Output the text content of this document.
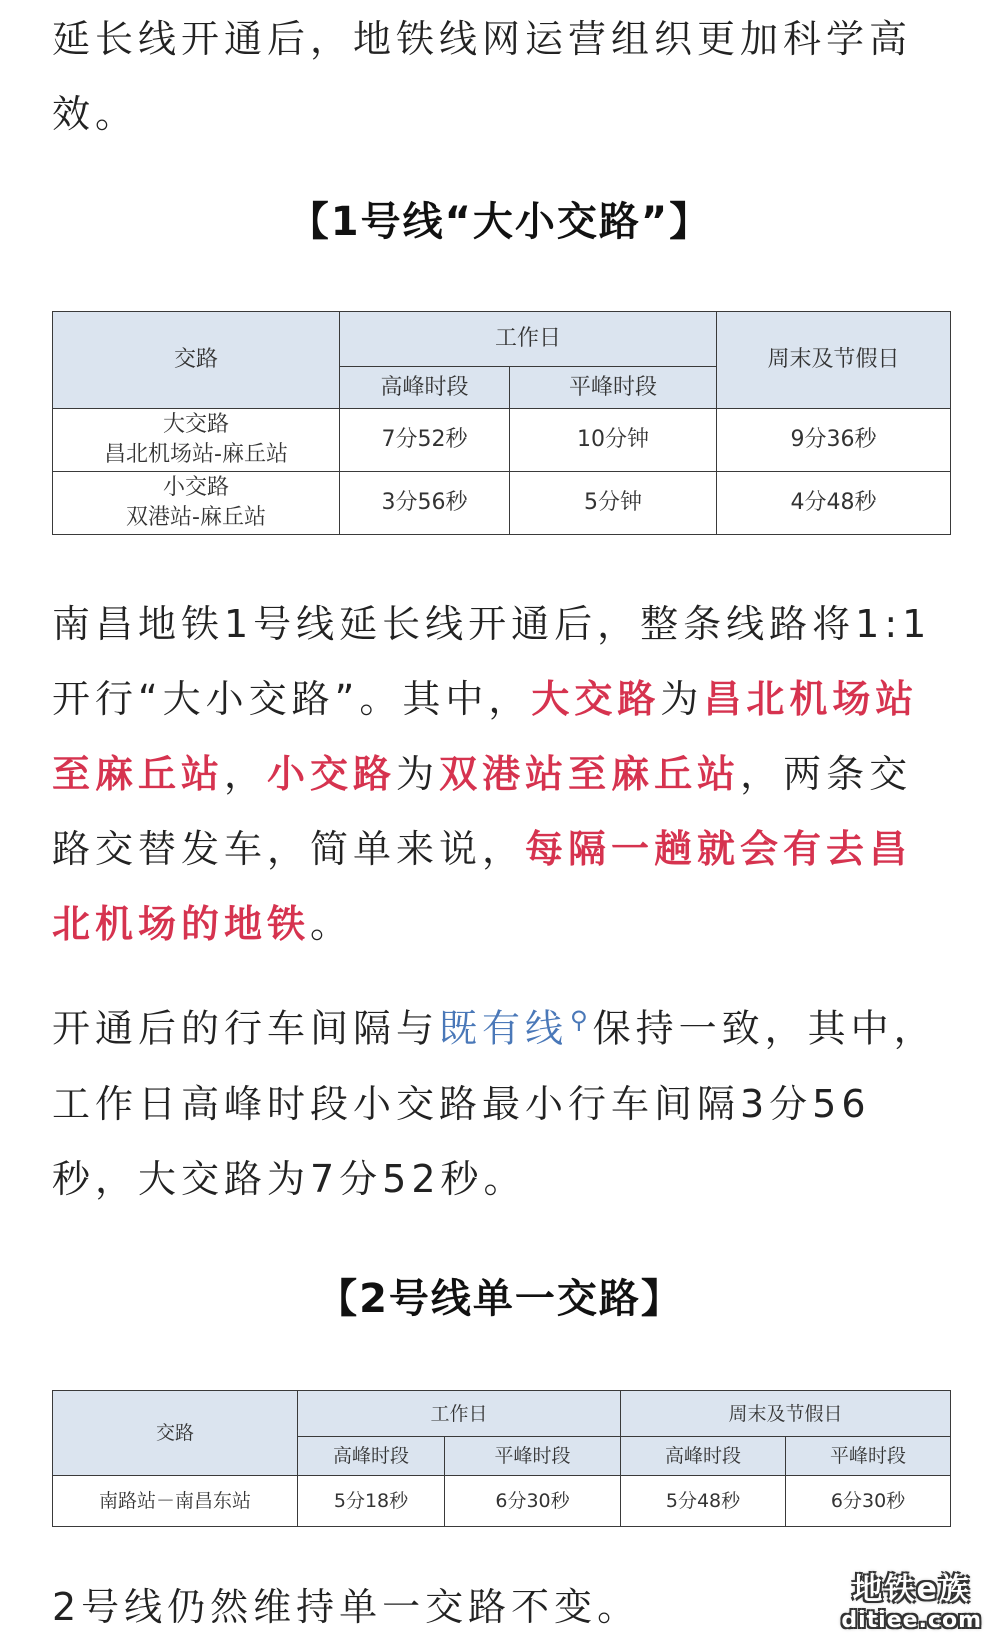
延长线开通后，地铁线网运营组织更加科学高
效。

【1号线“大小交路”】
交路	工作日		周末及节假日
	高峰时段	平峰时段	
大交路
昌北机场站-麻丘站	7分52秒	10分钟	9分36秒
小交路
双港站-麻丘站	3分56秒	5分钟	4分48秒

南昌地铁1号线延长线开通后，整条线路将1:1开行“大小交路”。其中，大交路为昌北机场站至麻丘站，小交路为双港站至麻丘站，两条交路交替发车，简单来说，每隔一趟就会有去昌北机场的地铁。

开通后的行车间隔与既有线⚲保持一致，其中，工作日高峰时段小交路最小行车间隔3分56秒，大交路为7分52秒。

【2号线单一交路】
交路	工作日		周末及节假日	
	高峰时段	平峰时段	高峰时段	平峰时段
南路站－南昌东站	5分18秒	6分30秒	5分48秒	6分30秒

2号线仍然维持单一交路不变。	地铁e族
ditiee.com
